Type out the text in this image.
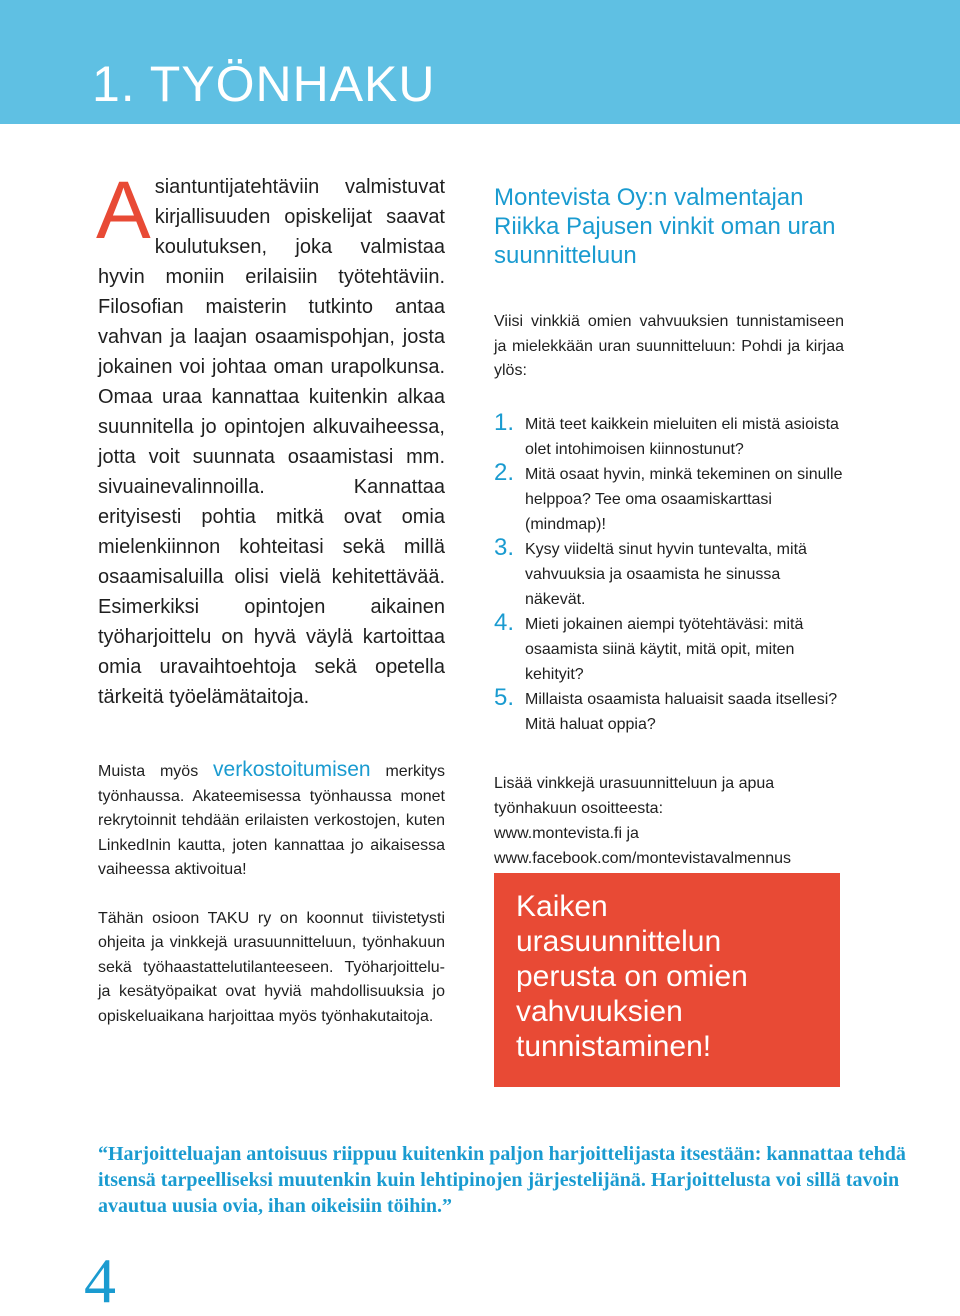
1. TYÖNHAKU

Asiantuntijatehtäviin valmistuvat kirjallisuuden opiskelijat saavat koulutuksen, joka valmistaa hyvin moniin erilaisiin työtehtäviin. Filosofian maisterin tutkinto antaa vahvan ja laajan osaamispohjan, josta jokainen voi johtaa oman urapolkunsa. Omaa uraa kannattaa kuitenkin alkaa suunnitella jo opintojen alkuvaiheessa, jotta voit suunnata osaamistasi mm. sivuainevalinnoilla. Kannattaa erityisesti pohtia mitkä ovat omia mielenkiinnon kohteitasi sekä millä osaamisaluilla olisi vielä kehitettävää. Esimerkiksi opintojen aikainen työharjoittelu on hyvä väylä kartoittaa omia uravaihtoehtoja sekä opetella tärkeitä työelämätaitoja.

Muista myös verkostoitumisen merkitys työnhaussa. Akateemisessa työnhaussa monet rekrytoinnit tehdään erilaisten verkostojen, kuten LinkedInin kautta, joten kannattaa jo aikaisessa vaiheessa aktivoitua!

Tähän osioon TAKU ry on koonnut tiivistetysti ohjeita ja vinkkejä urasuunnitteluun, työnhakuun sekä työhaastattelutilanteeseen. Työharjoittelu- ja kesätyöpaikat ovat hyviä mahdollisuuksia jo opiskeluaikana harjoittaa myös työnhakutaitoja.

Montevista Oy:n valmentajan Riikka Pajusen vinkit oman uran suunnitteluun

Viisi vinkkiä omien vahvuuksien tunnistamiseen ja mielekkään uran suunnitteluun: Pohdi ja kirjaa ylös:

1. Mitä teet kaikkein mieluiten eli mistä asioista olet intohimoisen kiinnostunut?
2. Mitä osaat hyvin, minkä tekeminen on sinulle helppoa? Tee oma osaamiskarttasi (mindmap)!
3. Kysy viideltä sinut hyvin tuntevalta, mitä vahvuuksia ja osaamista he sinussa näkevät.
4. Mieti jokainen aiempi työtehtäväsi: mitä osaamista siinä käytit, mitä opit, miten kehityit?
5. Millaista osaamista haluaisit saada itsellesi? Mitä haluat oppia?
Lisää vinkkejä urasuunnitteluun ja apua työnhakuun osoitteesta:
www.montevista.fi ja
www.facebook.com/montevistavalmennus

Kaiken urasuunnittelun perusta on omien vahvuuksien tunnistaminen!

“Harjoitteluajan antoisuus riippuu kuitenkin paljon harjoittelijasta itsestään: kannattaa tehdä itsensä tarpeelliseksi muutenkin kuin lehtipinojen järjestelijänä. Harjoittelusta voi sillä tavoin avautua uusia ovia, ihan oikeisiin töihin.”

4
